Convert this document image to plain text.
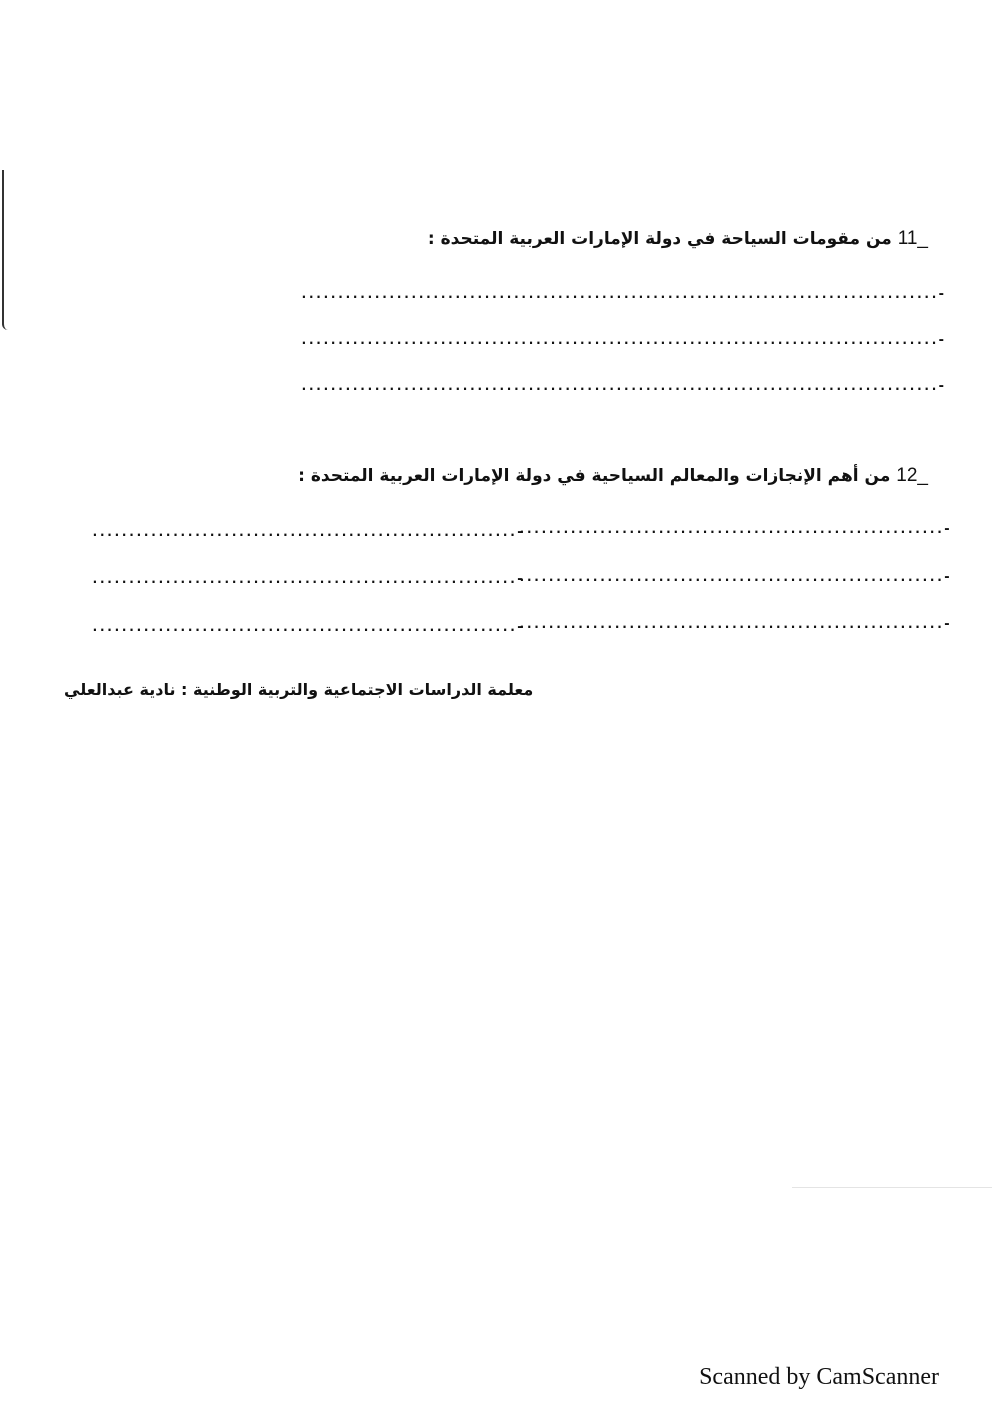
11_ من مقومات السياحة في دولة الإمارات العربية المتحدة :
.......................................................................................-
.......................................................................................-
.......................................................................................-
12_ من أهم الإنجازات والمعالم السياحية في دولة الإمارات العربية المتحدة :
..........................................................-
..........................................................-
..........................................................-
..........................................................-
..........................................................-
..........................................................-
معلمة الدراسات الاجتماعية والتربية الوطنية : نادية عبدالعلي
Scanned by CamScanner
